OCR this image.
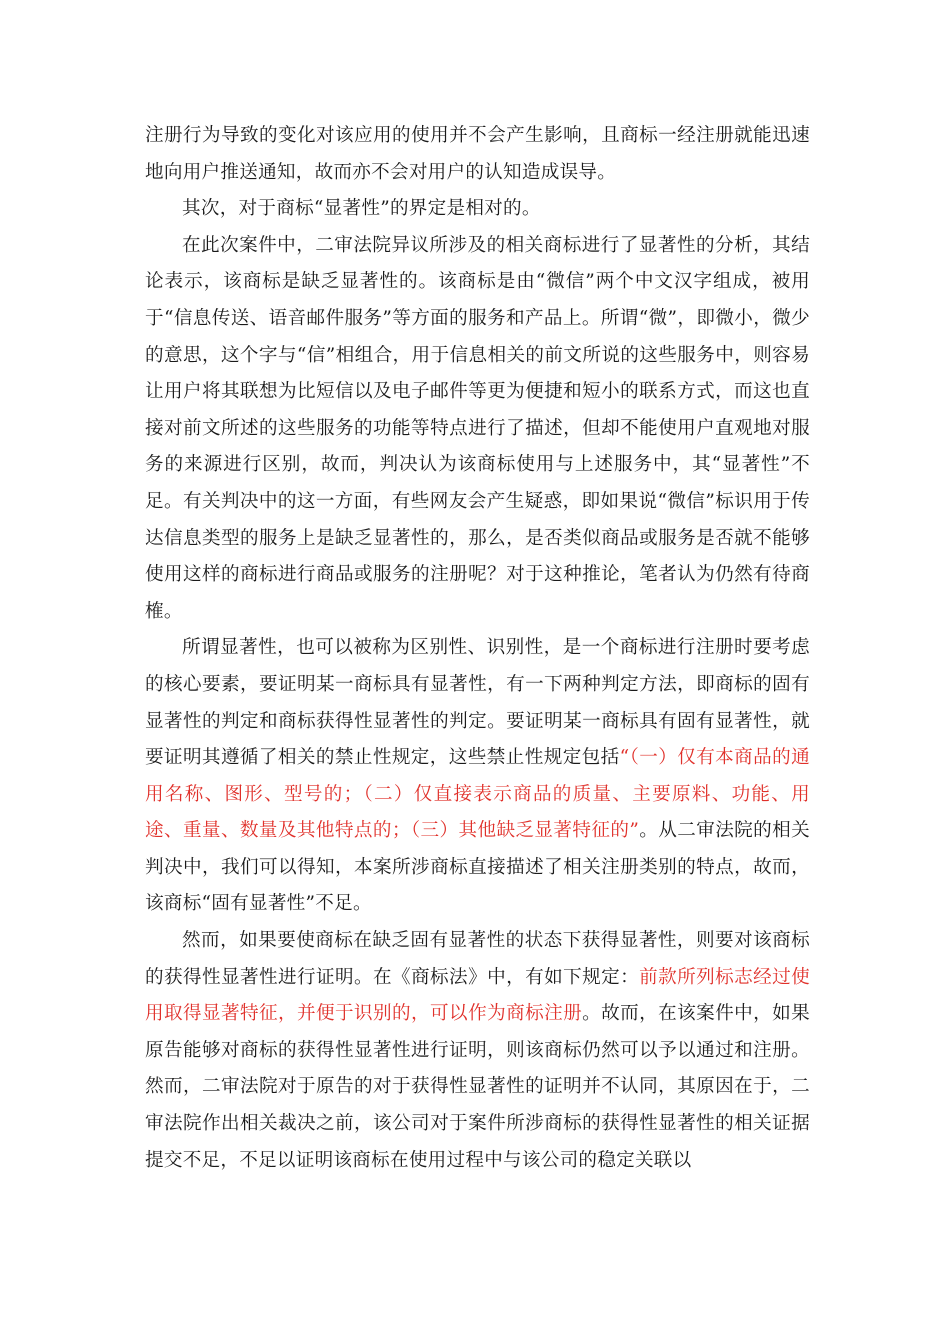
注册行为导致的变化对该应用的使用并不会产生影响，且商标一经注册就能迅速地向用户推送通知，故而亦不会对用户的认知造成误导。

其次，对于商标“显著性”的界定是相对的。

在此次案件中，二审法院异议所涉及的相关商标进行了显著性的分析，其结论表示，该商标是缺乏显著性的。该商标是由“微信”两个中文汉字组成，被用于“信息传送、语音邮件服务”等方面的服务和产品上。所谓“微”，即微小，微少的意思，这个字与“信”相组合，用于信息相关的前文所说的这些服务中，则容易让用户将其联想为比短信以及电子邮件等更为便捷和短小的联系方式，而这也直接对前文所述的这些服务的功能等特点进行了描述，但却不能使用户直观地对服务的来源进行区别，故而，判决认为该商标使用与上述服务中，其“显著性”不足。有关判决中的这一方面，有些网友会产生疑惑，即如果说“微信”标识用于传达信息类型的服务上是缺乏显著性的，那么，是否类似商品或服务是否就不能够使用这样的商标进行商品或服务的注册呢？对于这种推论，笔者认为仍然有待商榷。

所谓显著性，也可以被称为区别性、识别性，是一个商标进行注册时要考虑的核心要素，要证明某一商标具有显著性，有一下两种判定方法，即商标的固有显著性的判定和商标获得性显著性的判定。要证明某一商标具有固有显著性，就要证明其遵循了相关的禁止性规定，这些禁止性规定包括“（一）仅有本商品的通用名称、图形、型号的；（二）仅直接表示商品的质量、主要原料、功能、用途、重量、数量及其他特点的；（三）其他缺乏显著特征的”。从二审法院的相关判决中，我们可以得知，本案所涉商标直接描述了相关注册类别的特点，故而，该商标“固有显著性”不足。

然而，如果要使商标在缺乏固有显著性的状态下获得显著性，则要对该商标的获得性显著性进行证明。在《商标法》中，有如下规定：前款所列标志经过使用取得显著特征，并便于识别的，可以作为商标注册。故而，在该案件中，如果原告能够对商标的获得性显著性进行证明，则该商标仍然可以予以通过和注册。然而，二审法院对于原告的对于获得性显著性的证明并不认同，其原因在于，二审法院作出相关裁决之前，该公司对于案件所涉商标的获得性显著性的相关证据提交不足，不足以证明该商标在使用过程中与该公司的稳定关联以
